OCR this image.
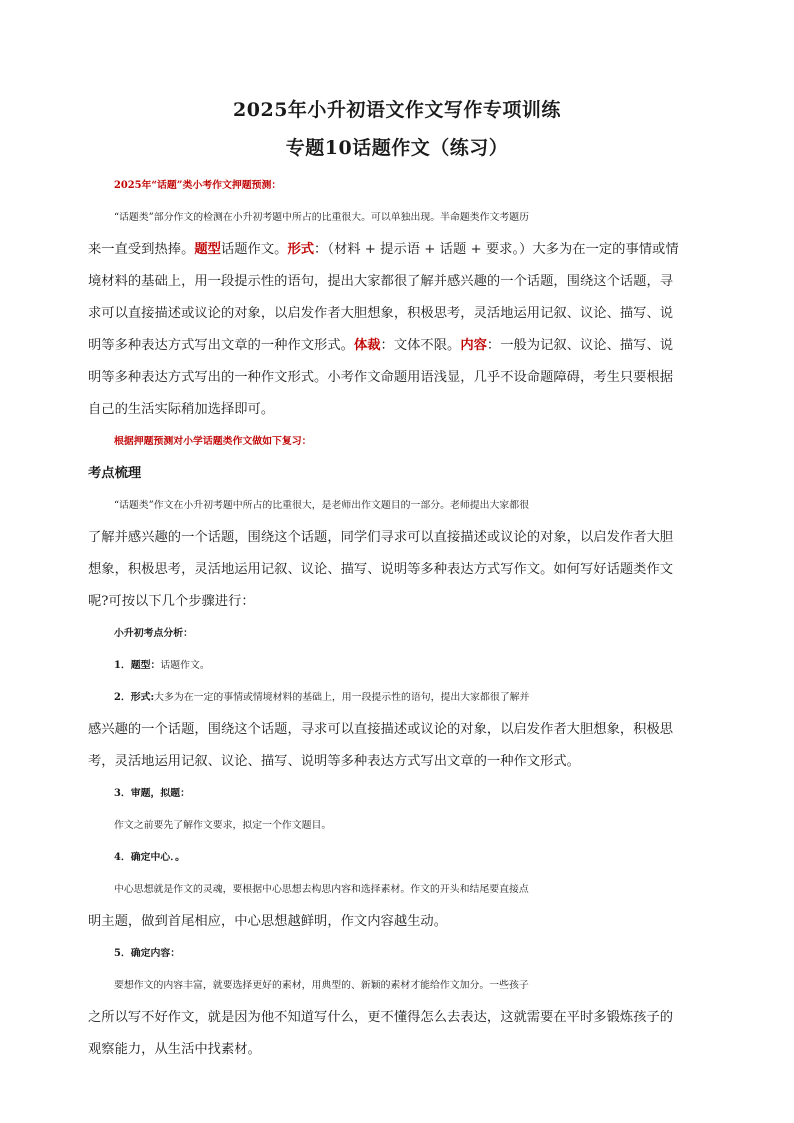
2025年小升初语文作文写作专项训练
专题10话题作文（练习）
2025年“话题”类小考作文押题预测：
“话题类”部分作文的检测在小升初考题中所占的比重很大。可以单独出现。半命题类作文考题历
来一直受到热捧。题型话题作文。形式：（材料 + 提示语 + 话题 + 要求。）大多为在一定的事情或情
境材料的基础上，用一段提示性的语句，提出大家都很了解并感兴趣的一个话题，围绕这个话题，寻
求可以直接描述或议论的对象，以启发作者大胆想象，积极思考，灵活地运用记叙、议论、描写、说
明等多种表达方式写出文章的一种作文形式。体裁：文体不限。内容：一般为记叙、议论、描写、说
明等多种表达方式写出的一种作文形式。小考作文命题用语浅显，几乎不设命题障碍，考生只要根据
自己的生活实际稍加选择即可。
根据押题预测对小学话题类作文做如下复习：
考点梳理
“话题类”作文在小升初考题中所占的比重很大，是老师出作文题目的一部分。老师提出大家都很
了解并感兴趣的一个话题，围绕这个话题，同学们寻求可以直接描述或议论的对象，以启发作者大胆
想象，积极思考，灵活地运用记叙、议论、描写、说明等多种表达方式写作文。如何写好话题类作文
呢?可按以下几个步骤进行：
小升初考点分析：
1．题型：话题作文。
2．形式:大多为在一定的事情或情境材料的基础上，用一段提示性的语句，提出大家都很了解并
感兴趣的一个话题，围绕这个话题，寻求可以直接描述或议论的对象，以启发作者大胆想象，积极思
考，灵活地运用记叙、议论、描写、说明等多种表达方式写出文章的一种作文形式。
3．审题，拟题：
作文之前要先了解作文要求，拟定一个作文题目。
4．确定中心．。
中心思想就是作文的灵魂，要根据中心思想去构思内容和选择素材。作文的开头和结尾要直接点
明主题，做到首尾相应，中心思想越鲜明，作文内容越生动。
5．确定内容：
要想作文的内容丰富，就要选择更好的素材，用典型的、新颖的素材才能给作文加分。一些孩子
之所以写不好作文，就是因为他不知道写什么，更不懂得怎么去表达，这就需要在平时多锻炼孩子的
观察能力，从生活中找素材。
